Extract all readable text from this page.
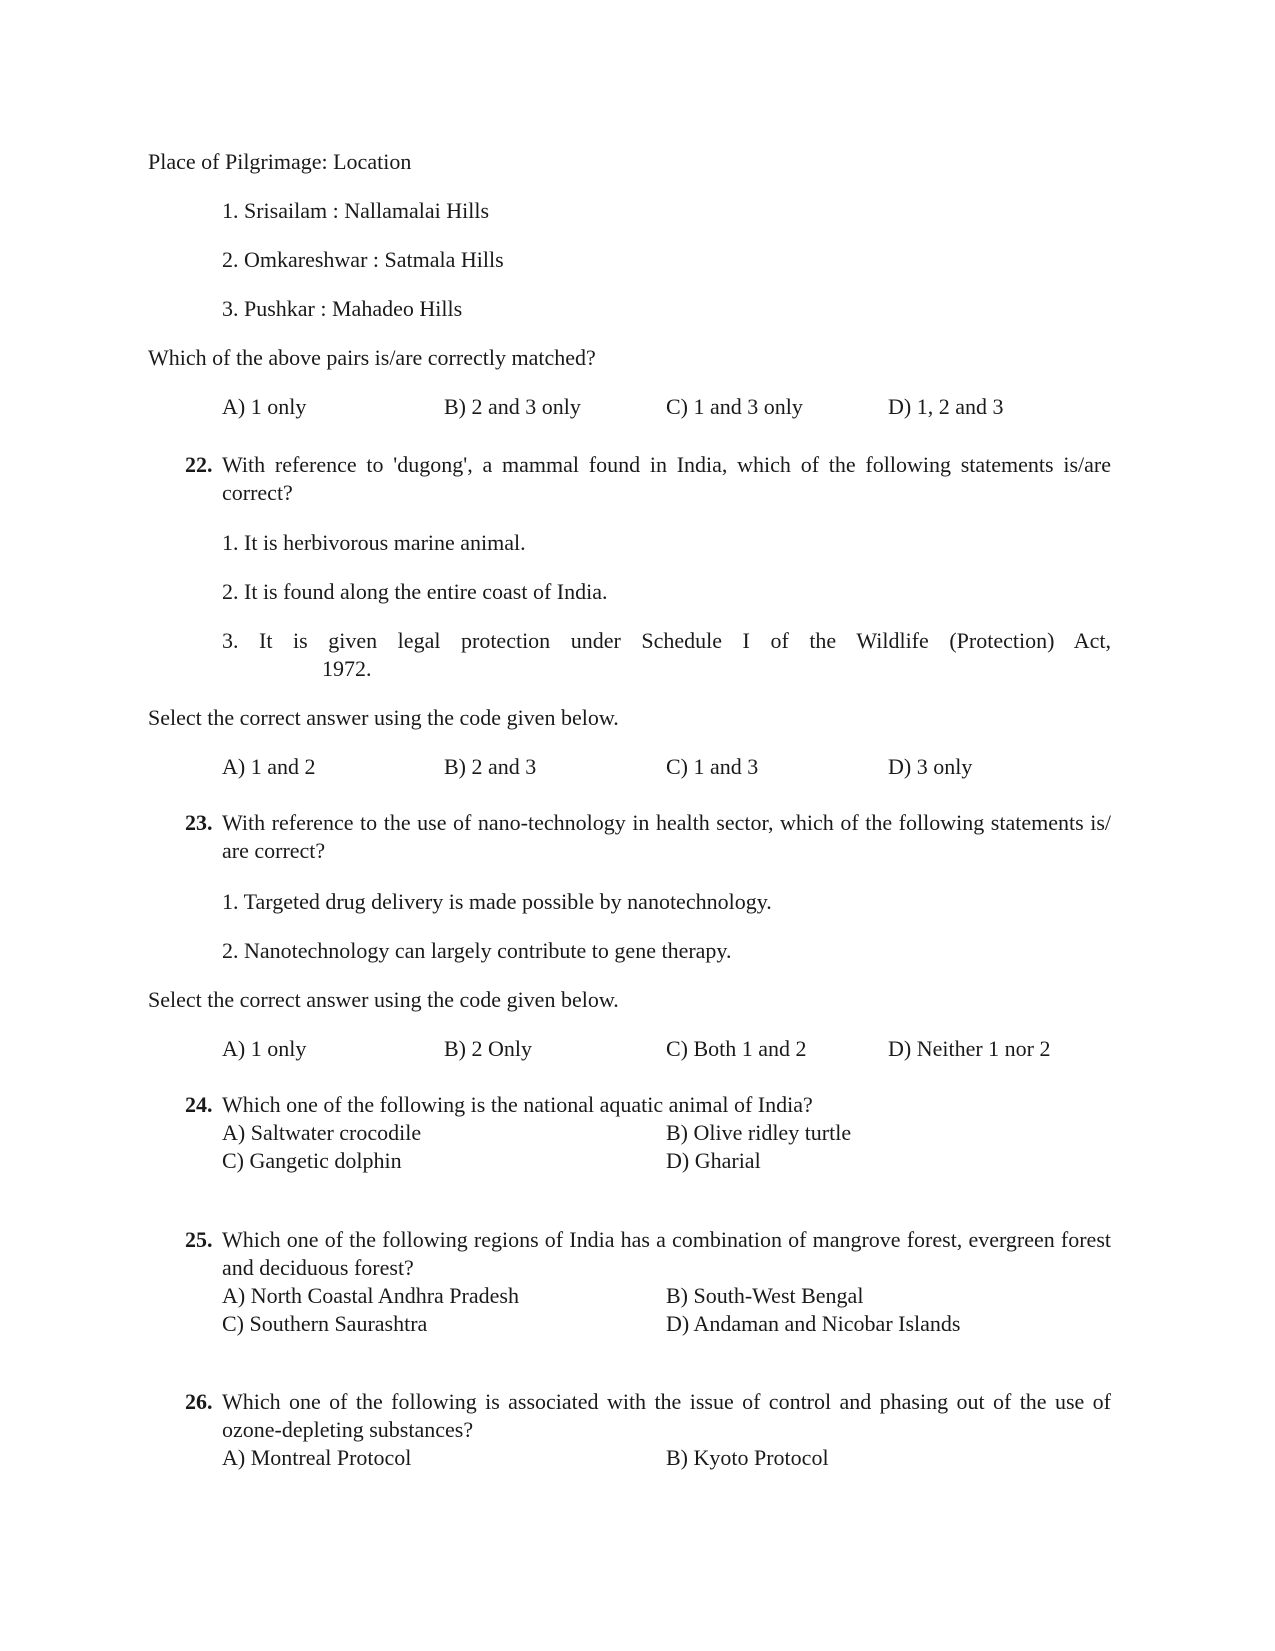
Place of Pilgrimage: Location
1. Srisailam : Nallamalai Hills
2. Omkareshwar : Satmala Hills
3. Pushkar : Mahadeo Hills
Which of the above pairs is/are correctly matched?
A) 1 only	B) 2 and 3 only	C) 1 and 3 only	D) 1, 2 and 3
22. With reference to 'dugong', a mammal found in India, which of the following statements is/are correct?
1. It is herbivorous marine animal.
2. It is found along the entire coast of India.
3. It is given legal protection under Schedule I of the Wildlife (Protection) Act,
1972.
Select the correct answer using the code given below.
A) 1 and 2	B) 2 and 3	C) 1 and 3	D) 3 only
23. With reference to the use of nano-technology in health sector, which of the following statements is/ are correct?
1. Targeted drug delivery is made possible by nanotechnology.
2. Nanotechnology can largely contribute to gene therapy.
Select the correct answer using the code given below.
A) 1 only	B) 2 Only	C) Both 1 and 2	D) Neither 1 nor 2
24. Which one of the following is the national aquatic animal of India?
A) Saltwater crocodile	B) Olive ridley turtle
C) Gangetic dolphin	D) Gharial
25. Which one of the following regions of India has a combination of mangrove forest, evergreen forest and deciduous forest?
A) North Coastal Andhra Pradesh	B) South-West Bengal
C) Southern Saurashtra	D) Andaman and Nicobar Islands
26. Which one of the following is associated with the issue of control and phasing out of the use of ozone-depleting substances?
A) Montreal Protocol	B) Kyoto Protocol
